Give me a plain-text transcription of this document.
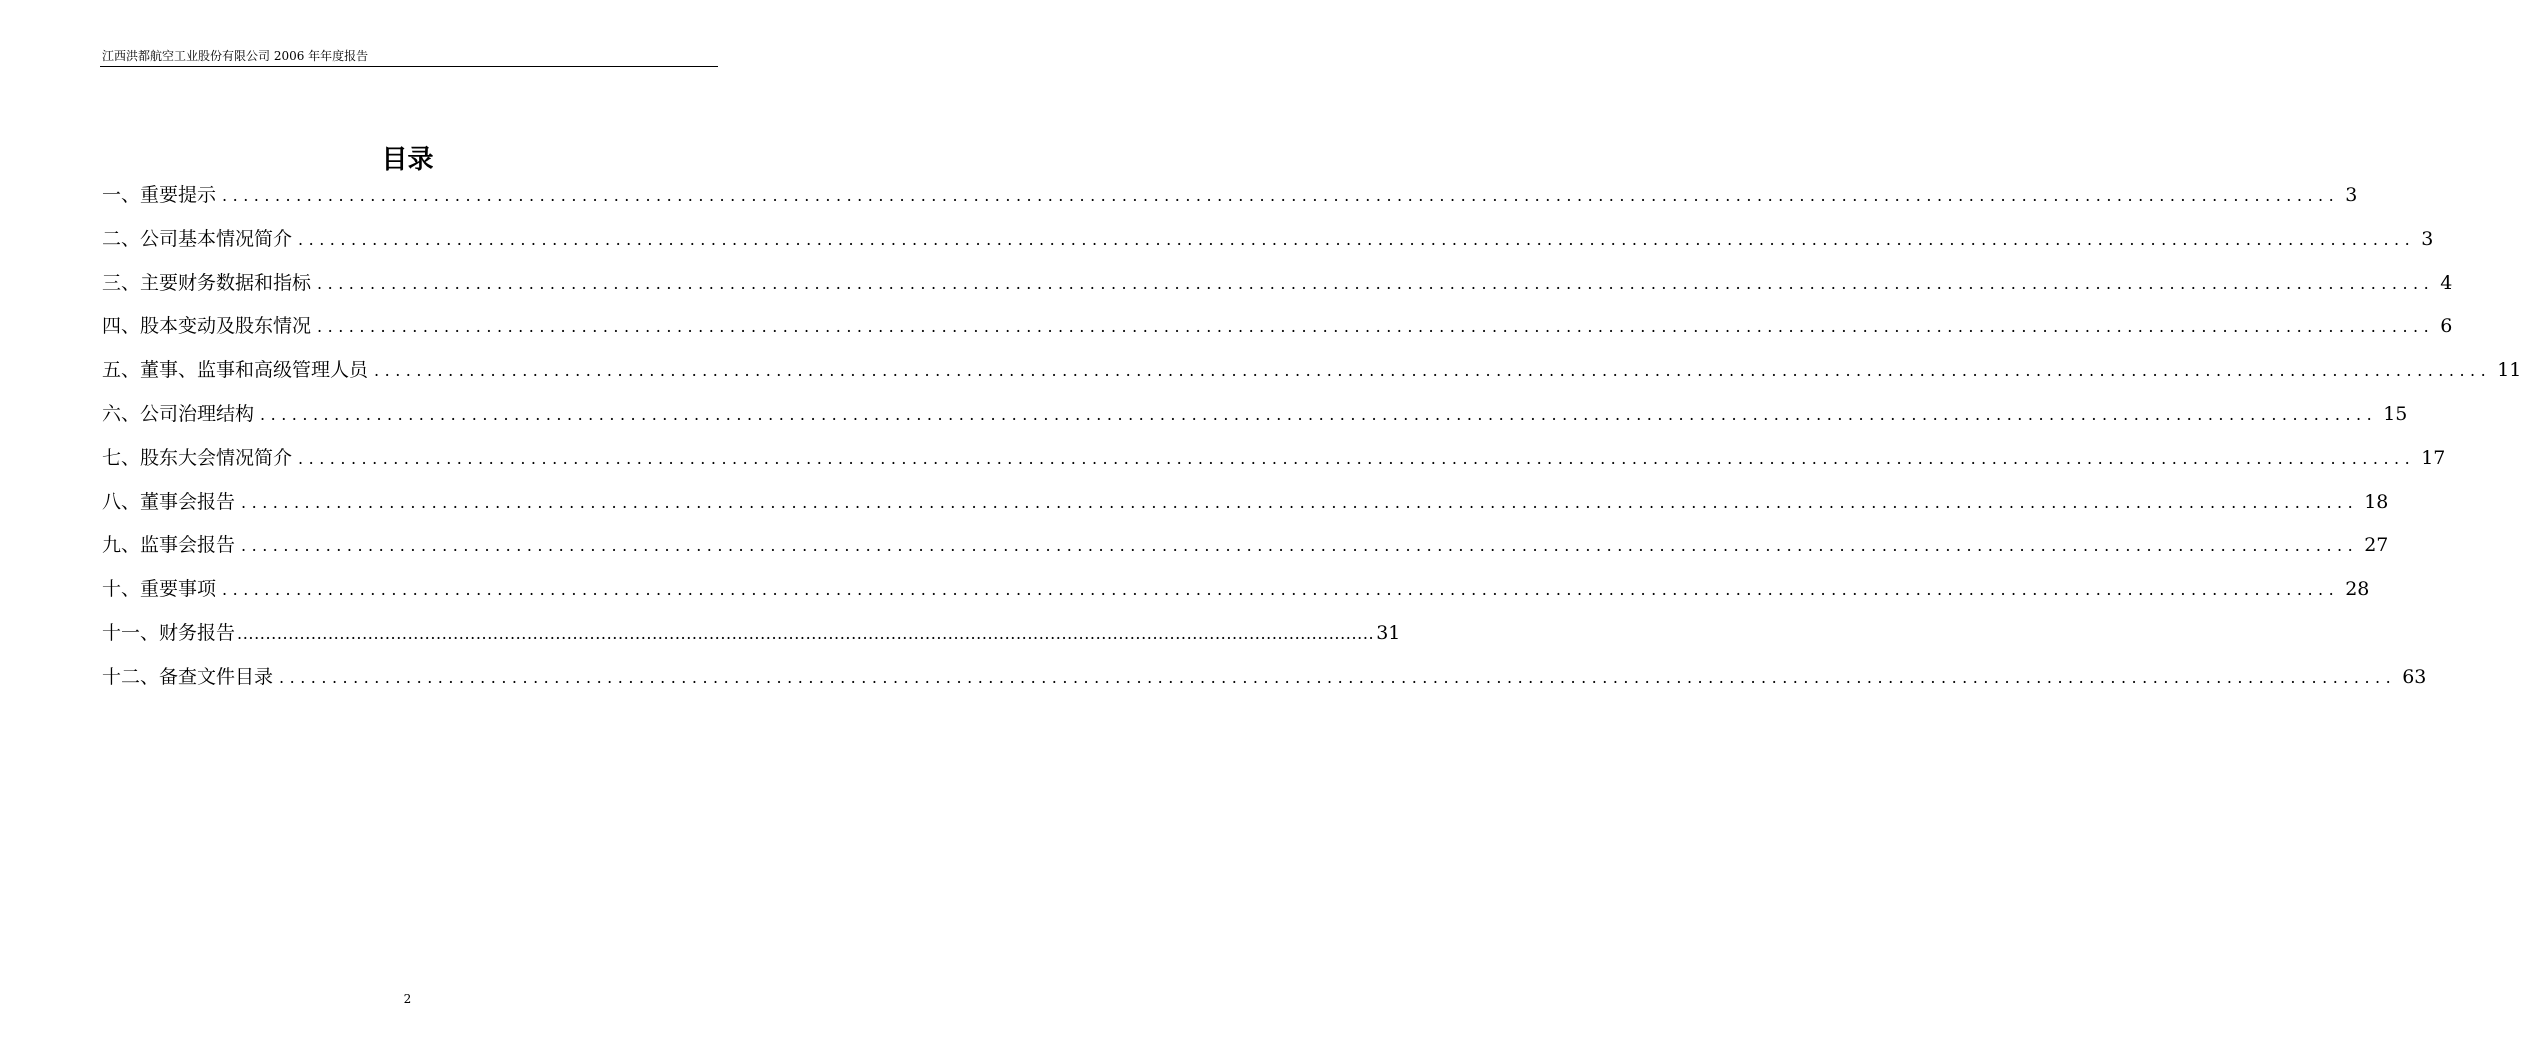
江西洪都航空工业股份有限公司 2006 年年度报告
目录
一、重要提示 ........................................................................................................................................................................................................ 3
二、公司基本情况简介 ........................................................................................................................................................................................................ 3
三、主要财务数据和指标 ........................................................................................................................................................................................................ 4
四、股本变动及股东情况 ........................................................................................................................................................................................................ 6
五、董事、监事和高级管理人员 ........................................................................................................................................................................................................ 11
六、公司治理结构 ........................................................................................................................................................................................................ 15
七、股东大会情况简介 ........................................................................................................................................................................................................ 17
八、董事会报告 ........................................................................................................................................................................................................ 18
九、监事会报告 ........................................................................................................................................................................................................ 27
十、重要事项 ........................................................................................................................................................................................................ 28
十一、财务报告 ........................................................................................................................................................................................................ 31
十二、备查文件目录 ........................................................................................................................................................................................................ 63
2
